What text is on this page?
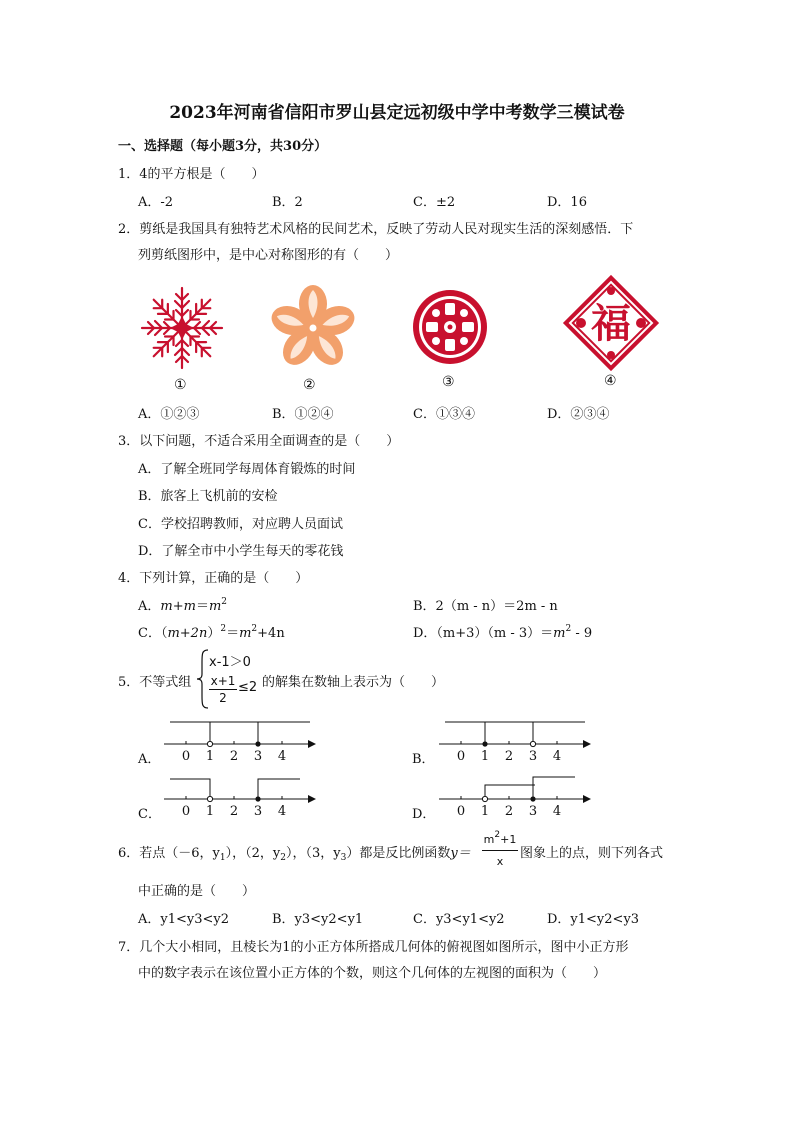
2023年河南省信阳市罗山县定远初级中学中考数学三模试卷
一、选择题（每小题3分，共30分）
1．4的平方根是（　　）
A．-2	B．2	C．±2	D．16
2．剪纸是我国具有独特艺术风格的民间艺术，反映了劳动人民对现实生活的深刻感悟．下
列剪纸图形中，是中心对称图形的有（　　）
①	②	③
福
④
A．①②③	B．①②④	C．①③④	D．②③④
3．以下问题，不适合采用全面调查的是（　　）
A．了解全班同学每周体育锻炼的时间
B．旅客上飞机前的安检
C．学校招聘教师，对应聘人员面试
D．了解全市中小学生每天的零花钱
4．下列计算，正确的是（　　）
A．$m+m=m^2$	B．2（m - n）＝2m - n
C．$(m+2n)^2=m^2+4n$	D．$(m+3)(m - 3)=m^2 - 9$
5．不等式组
x-1＞0
x+1
2
≤2 的解集在数轴上表示为（　　）
A．	B．
C．	D．
0 1 2 3 4	0 1 2 3 4
0 1 2 3 4	0 1 2 3 4
6．若点（－6，$y_1$），（2，$y_2$），（3，$y_3$）都是反比例函数y＝
$m^2+1$
x
图象上的点，则下列各式
中正确的是（　　）
A．y1<y3<y2	B．y3<y2<y1	C．y3<y1<y2	D．y1<y2<y3
7．几个大小相同，且棱长为1的小正方体所搭成几何体的俯视图如图所示，图中小正方形
中的数字表示在该位置小正方体的个数，则这个几何体的左视图的面积为（　　）
